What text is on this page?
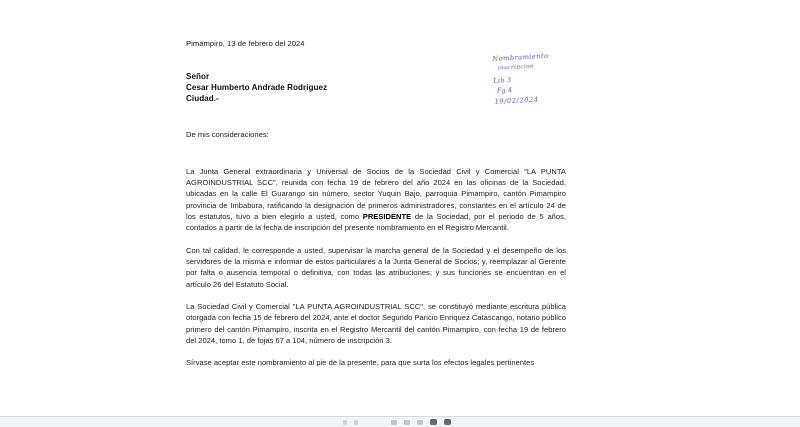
Pimampiro, 13 de febrero del 2024

Señor

Cesar Humberto Andrade Rodriguez

Ciudad.-

De mis consideraciones:

La Junta General extraordinaria y Universal de Socios de la Sociedad Civil y Comercial "LA PUNTA AGROINDUSTRIAL SCC", reunida con fecha 19 de febrero del año 2024 en las oficinas de la Sociedad, ubicadas en la calle El Guarango sin número, sector Yuquin Bajo, parroquia Pimampiro, cantón Pimampiro provincia de Imbabura, ratificando la designación de primeros administradores, constantes en el artículo 24 de los estatutos, tuvo a bien elegirlo a usted, como PRESIDENTE de la Sociedad, por el periodo de 5 años, contados a partir de la fecha de inscripción del presente nombramiento en el Registro Mercantil.

Con tal calidad, le corresponde a usted, supervisar la marcha general de la Sociedad y el desempeño de los servidores de la misma e informar de estos particulares a la Junta General de Socios; y, reemplazar al Gerente por falta o ausencia temporal o definitiva, con todas las atribuciones; y sus funciones se encuentran en el artículo 26 del Estatuto Social.

La Sociedad Civil y Comercial "LA PUNTA AGROINDUSTRIAL SCC", se constituyó mediante escritura pública otorgada con fecha 15 de febrero del 2024, ante el doctor Segundo Paricio Enriquez Catascango, notario público primero del cantón Pimampiro, inscrita en el Registro Mercantil del cantón Pimampiro, con fecha 19 de febrero del 2024, tomo 1, de fojas 67 a 104, número de inscripción 3.

Sírvase aceptar este nombramiento al pie de la presente, para que surta los efectos legales pertinentes

Nombramiento
inscripcion
Lib 3
Fg 4
19/02/2024
